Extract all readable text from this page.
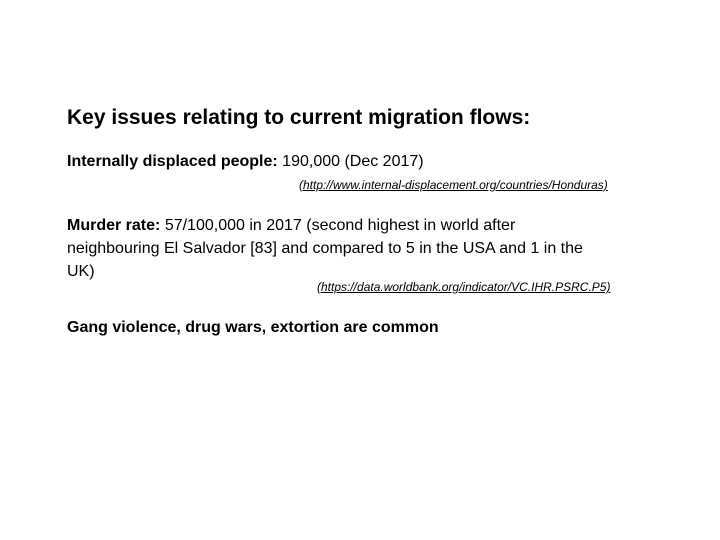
Key issues relating to current migration flows:
Internally displaced people: 190,000 (Dec 2017)
(http://www.internal-displacement.org/countries/Honduras)
Murder rate: 57/100,000 in 2017 (second highest in world after
neighbouring El Salvador [83] and compared to 5 in the USA and 1 in the
UK)
(https://data.worldbank.org/indicator/VC.IHR.PSRC.P5)
Gang violence, drug wars, extortion are common
